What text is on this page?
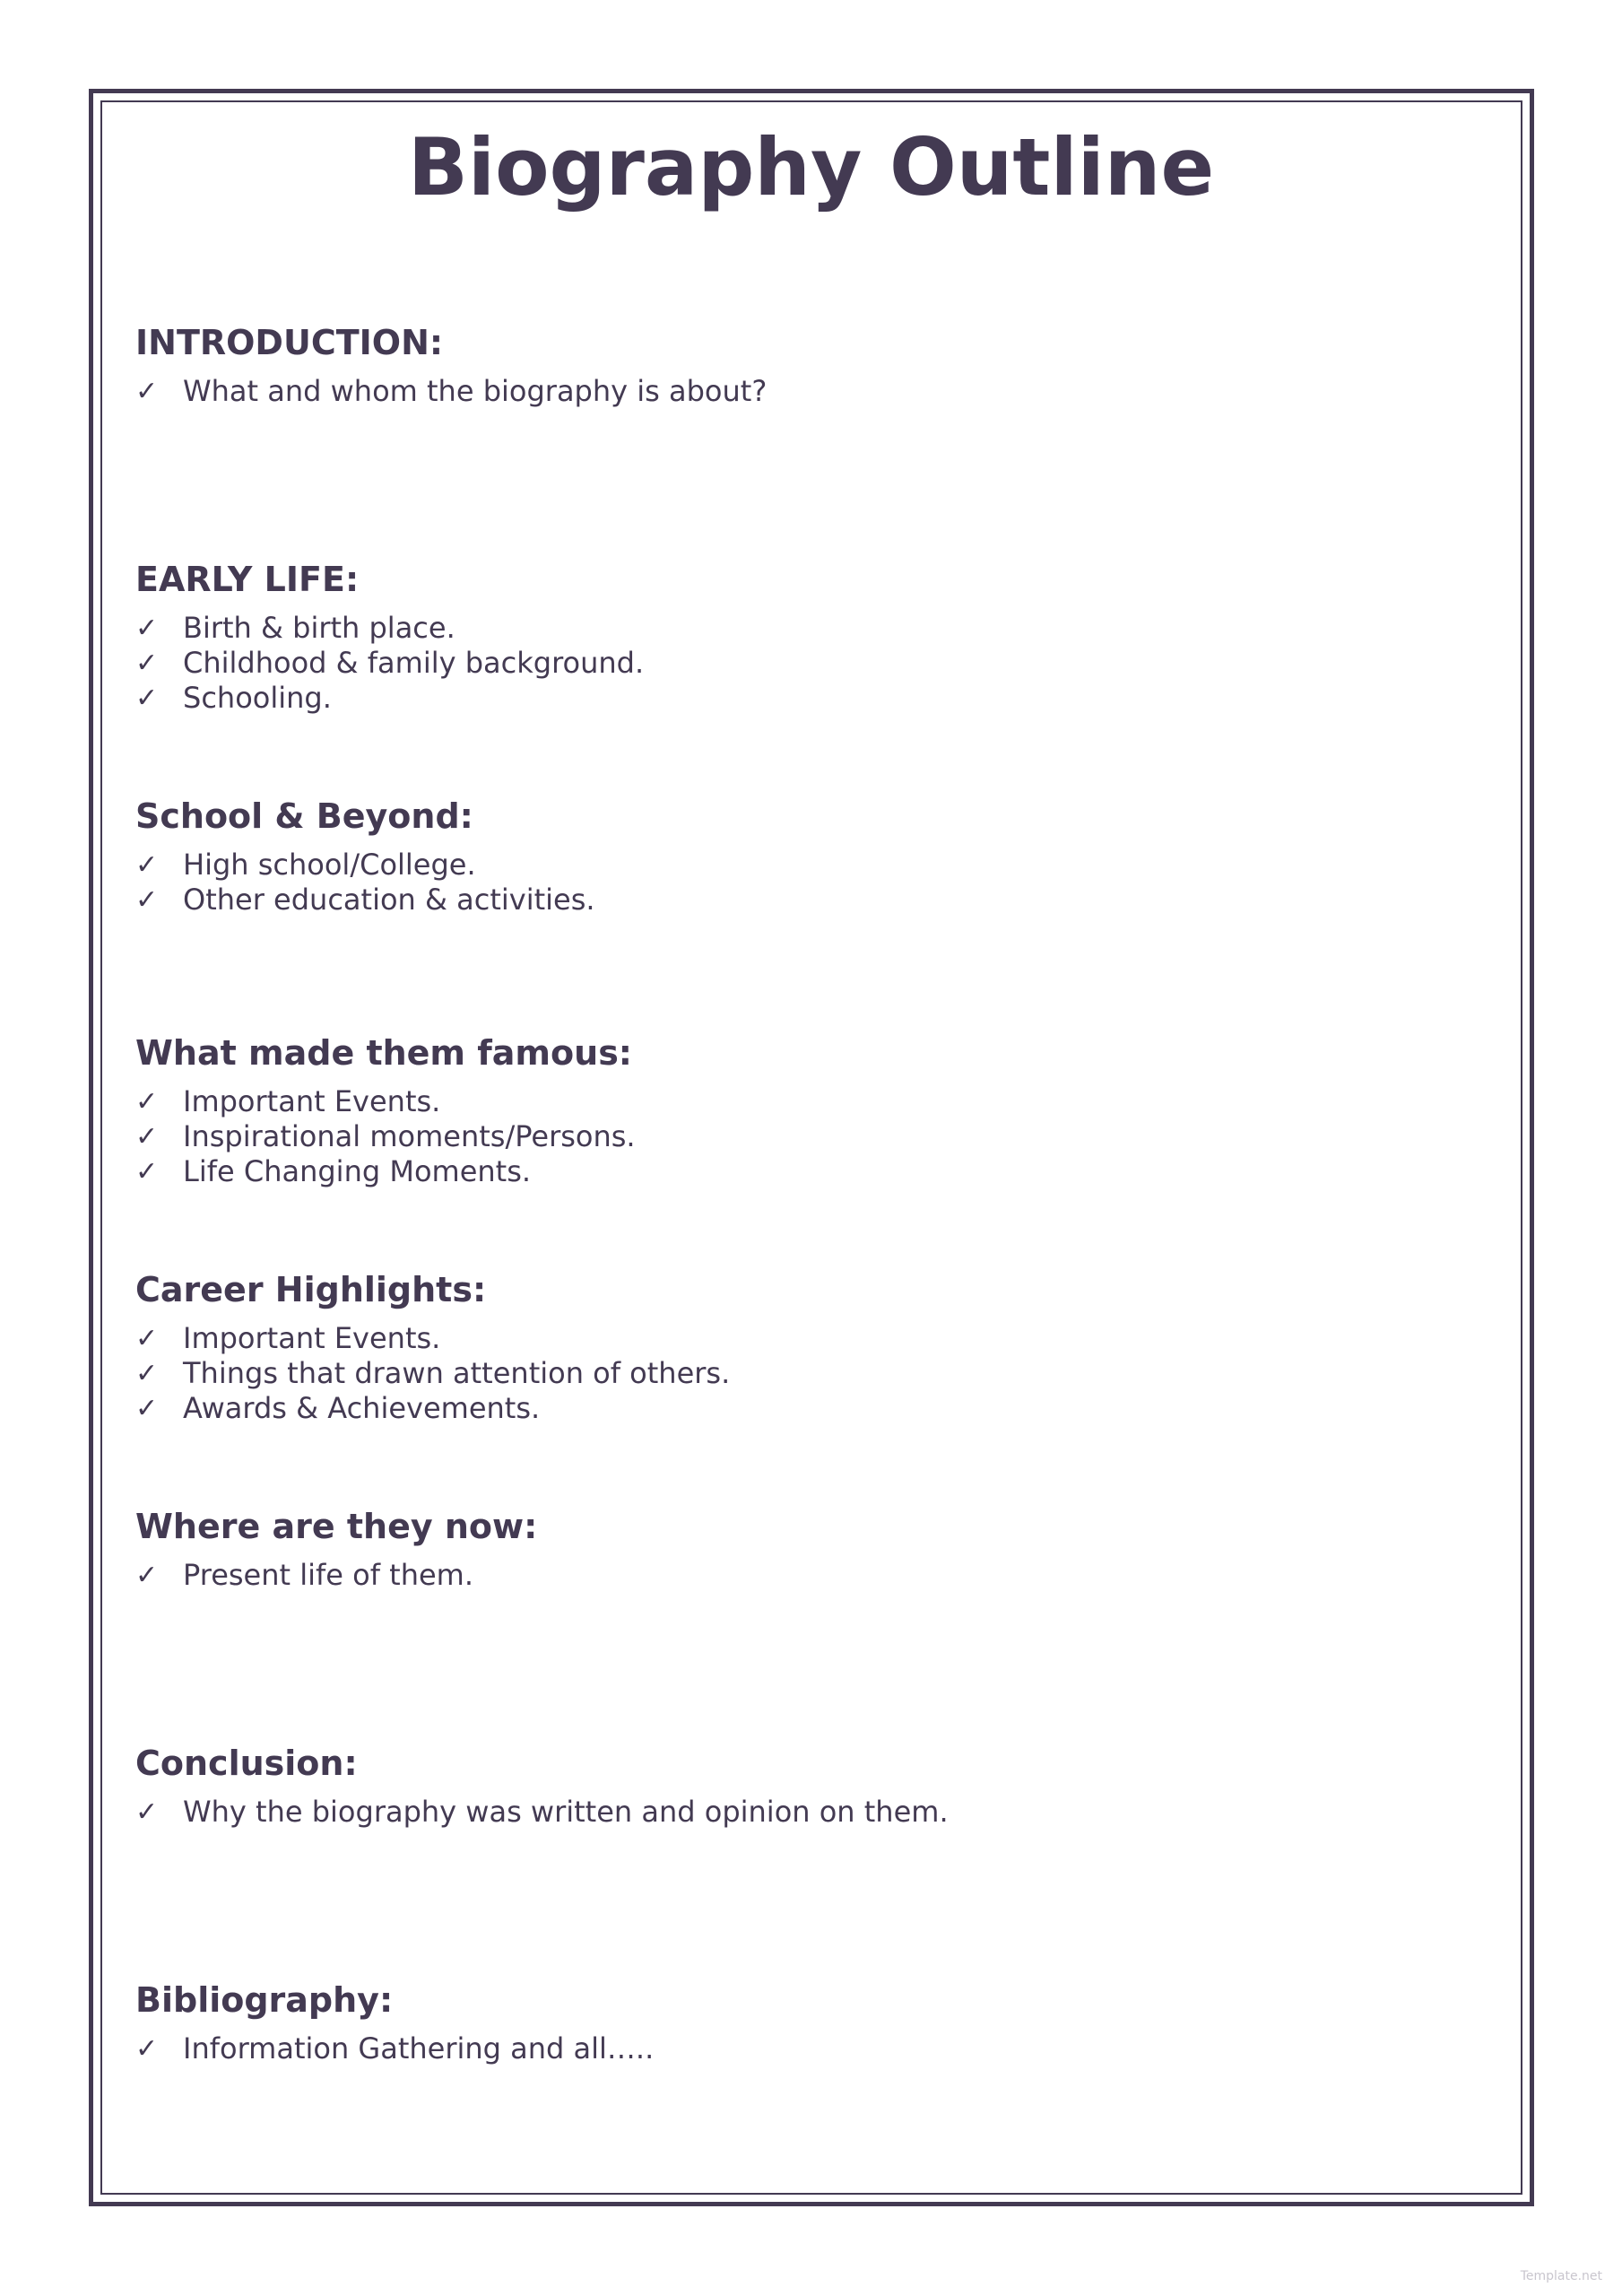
Biography Outline
INTRODUCTION:
✓ What and whom the biography is about?
EARLY LIFE:
✓ Birth & birth place.
✓ Childhood & family background.
✓ Schooling.
School & Beyond:
✓ High school/College.
✓ Other education & activities.
What made them famous:
✓ Important Events.
✓ Inspirational moments/Persons.
✓ Life Changing Moments.
Career Highlights:
✓ Important Events.
✓ Things that drawn attention of others.
✓ Awards & Achievements.
Where are they now:
✓ Present life of them.
Conclusion:
✓ Why the biography was written and opinion on them.
Bibliography:
✓ Information Gathering and all…..
Template.net
